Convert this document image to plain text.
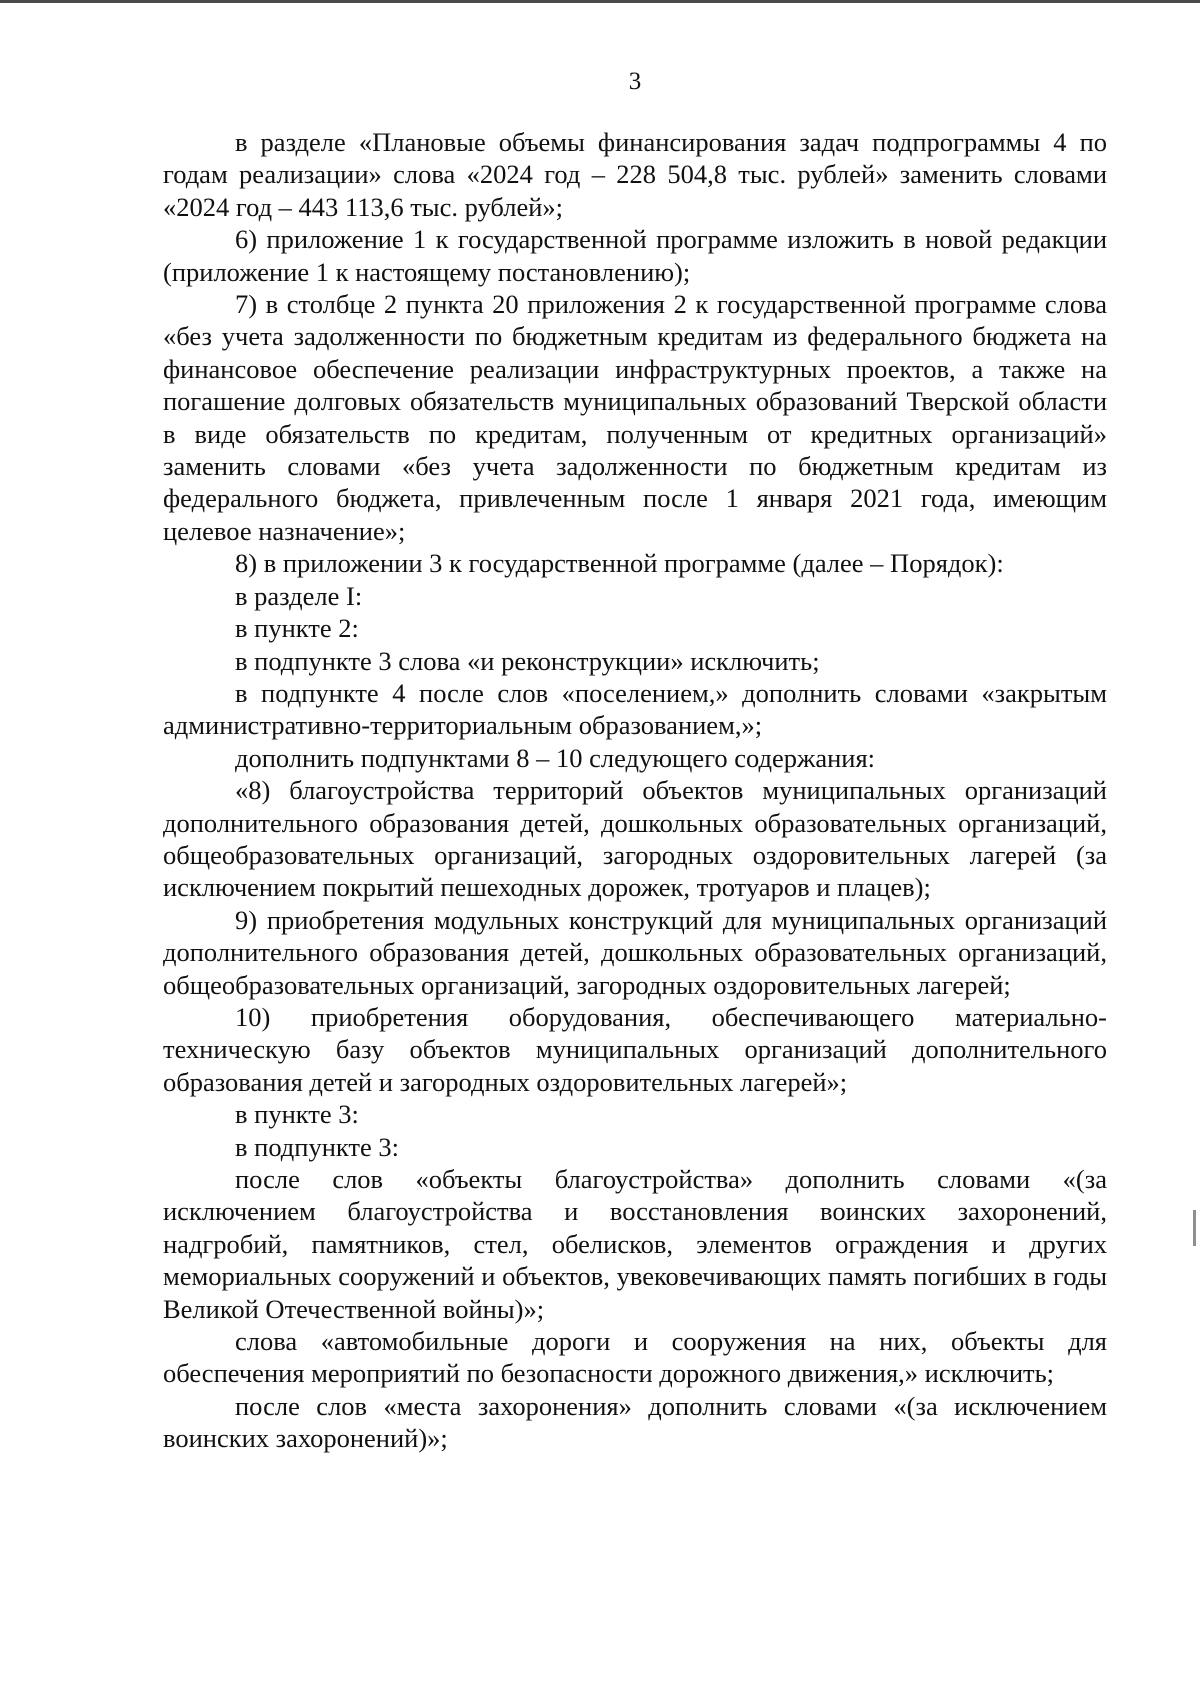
3

в разделе «Плановые объемы финансирования задач подпрограммы 4 по годам реализации» слова «2024 год – 228 504,8 тыс. рублей» заменить словами «2024 год – 443 113,6 тыс. рублей»;

6) приложение 1 к государственной программе изложить в новой редакции (приложение 1 к настоящему постановлению);

7) в столбце 2 пункта 20 приложения 2 к государственной программе слова «без учета задолженности по бюджетным кредитам из федерального бюджета на финансовое обеспечение реализации инфраструктурных проектов, а также на погашение долговых обязательств муниципальных образований Тверской области в виде обязательств по кредитам, полученным от кредитных организаций» заменить словами «без учета задолженности по бюджетным кредитам из федерального бюджета, привлеченным после 1 января 2021 года, имеющим целевое назначение»;

8) в приложении 3 к государственной программе (далее – Порядок):

в разделе I:

в пункте 2:

в подпункте 3 слова «и реконструкции» исключить;

в подпункте 4 после слов «поселением,» дополнить словами «закрытым административно-территориальным образованием,»;

дополнить подпунктами 8 – 10 следующего содержания:

«8) благоустройства территорий объектов муниципальных организаций дополнительного образования детей, дошкольных образовательных организаций, общеобразовательных организаций, загородных оздоровительных лагерей (за исключением покрытий пешеходных дорожек, тротуаров и плацев);

9) приобретения модульных конструкций для муниципальных организаций дополнительного образования детей, дошкольных образовательных организаций, общеобразовательных организаций, загородных оздоровительных лагерей;

10) приобретения оборудования, обеспечивающего материально-техническую базу объектов муниципальных организаций дополнительного образования детей и загородных оздоровительных лагерей»;

в пункте 3:

в подпункте 3:

после слов «объекты благоустройства» дополнить словами «(за исключением благоустройства и восстановления воинских захоронений, надгробий, памятников, стел, обелисков, элементов ограждения и других мемориальных сооружений и объектов, увековечивающих память погибших в годы Великой Отечественной войны)»;

слова «автомобильные дороги и сооружения на них, объекты для обеспечения мероприятий по безопасности дорожного движения,» исключить;

после слов «места захоронения» дополнить словами «(за исключением воинских захоронений)»;
